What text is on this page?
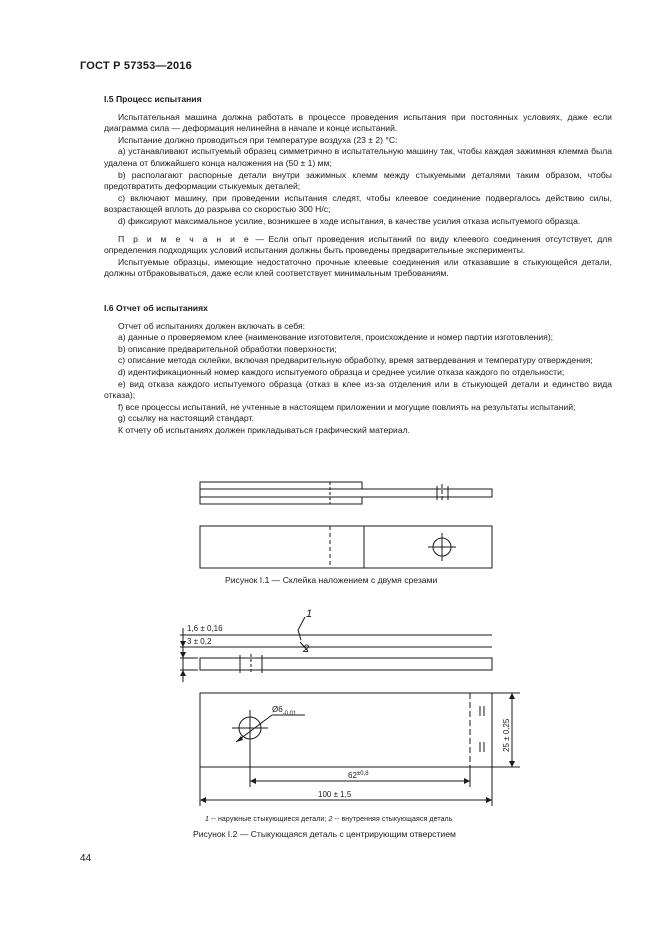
ГОСТ Р 57353—2016

I.5 Процесс испытания

Испытательная машина должна работать в процессе проведения испытания при постоянных условиях, даже если диаграмма сила — деформация нелинейна в начале и конце испытаний.

Испытание должно проводиться при температуре воздуха (23 ± 2) °С:

а) устанавливают испытуемый образец симметрично в испытательную машину так, чтобы каждая зажимная клемма была удалена от ближайшего конца наложения на (50 ± 1) мм;

b) располагают распорные детали внутри зажимных клемм между стыкуемыми деталями таким образом, чтобы предотвратить деформации стыкуемых деталей;

с) включают машину, при проведении испытания следят, чтобы клеевое соединение подвергалось действию силы, возрастающей вплоть до разрыва со скоростью 300 Н/с;

d) фиксируют максимальное усилие, возникшее в ходе испытания, в качестве усилия отказа испытуемого образца.

П р и м е ч а н и е — Если опыт проведения испытаний по виду клеевого соединения отсутствует, для определения подходящих условий испытания должны быть проведены предварительные эксперименты.

Испытуемые образцы, имеющие недостаточно прочные клеевые соединения или отказавшие в стыкующейся детали, должны отбраковываться, даже если клей соответствует минимальным требованиям.

I.6 Отчет об испытаниях

Отчет об испытаниях должен включать в себя:

а) данные о проверяемом клее (наименование изготовителя, происхождение и номер партии изготовления);

b) описание предварительной обработки поверхности;

с) описание метода склейки, включая предварительную обработку, время затвердевания и температуру отверждения;

d) идентификационный номер каждого испытуемого образца и среднее усилие отказа каждого по отдельности;

е) вид отказа каждого испытуемого образца (отказ в клее из-за отделения или в стыкующей детали и единство вида отказа);

f) все процессы испытаний, не учтенные в настоящем приложении и могущие повлиять на результаты испытаний;

g) ссылку на настоящий стандарт.

К отчету об испытаниях должен прикладываться графический материал.

Рисунок I.1 — Склейка наложением с двумя срезами
1,6 ± 0,16
3 ± 0,2
1
2
$Ø6_{-0,01}$
$62^{\pm 0,8}$
100 ± 1,5
25 ± 0,25
1 -- наружные стыкующиеся детали; 2 -- внутренняя стыкующаяся деталь
Рисунок I.2 — Стыкующаяся деталь с центрирующим отверстием
44
